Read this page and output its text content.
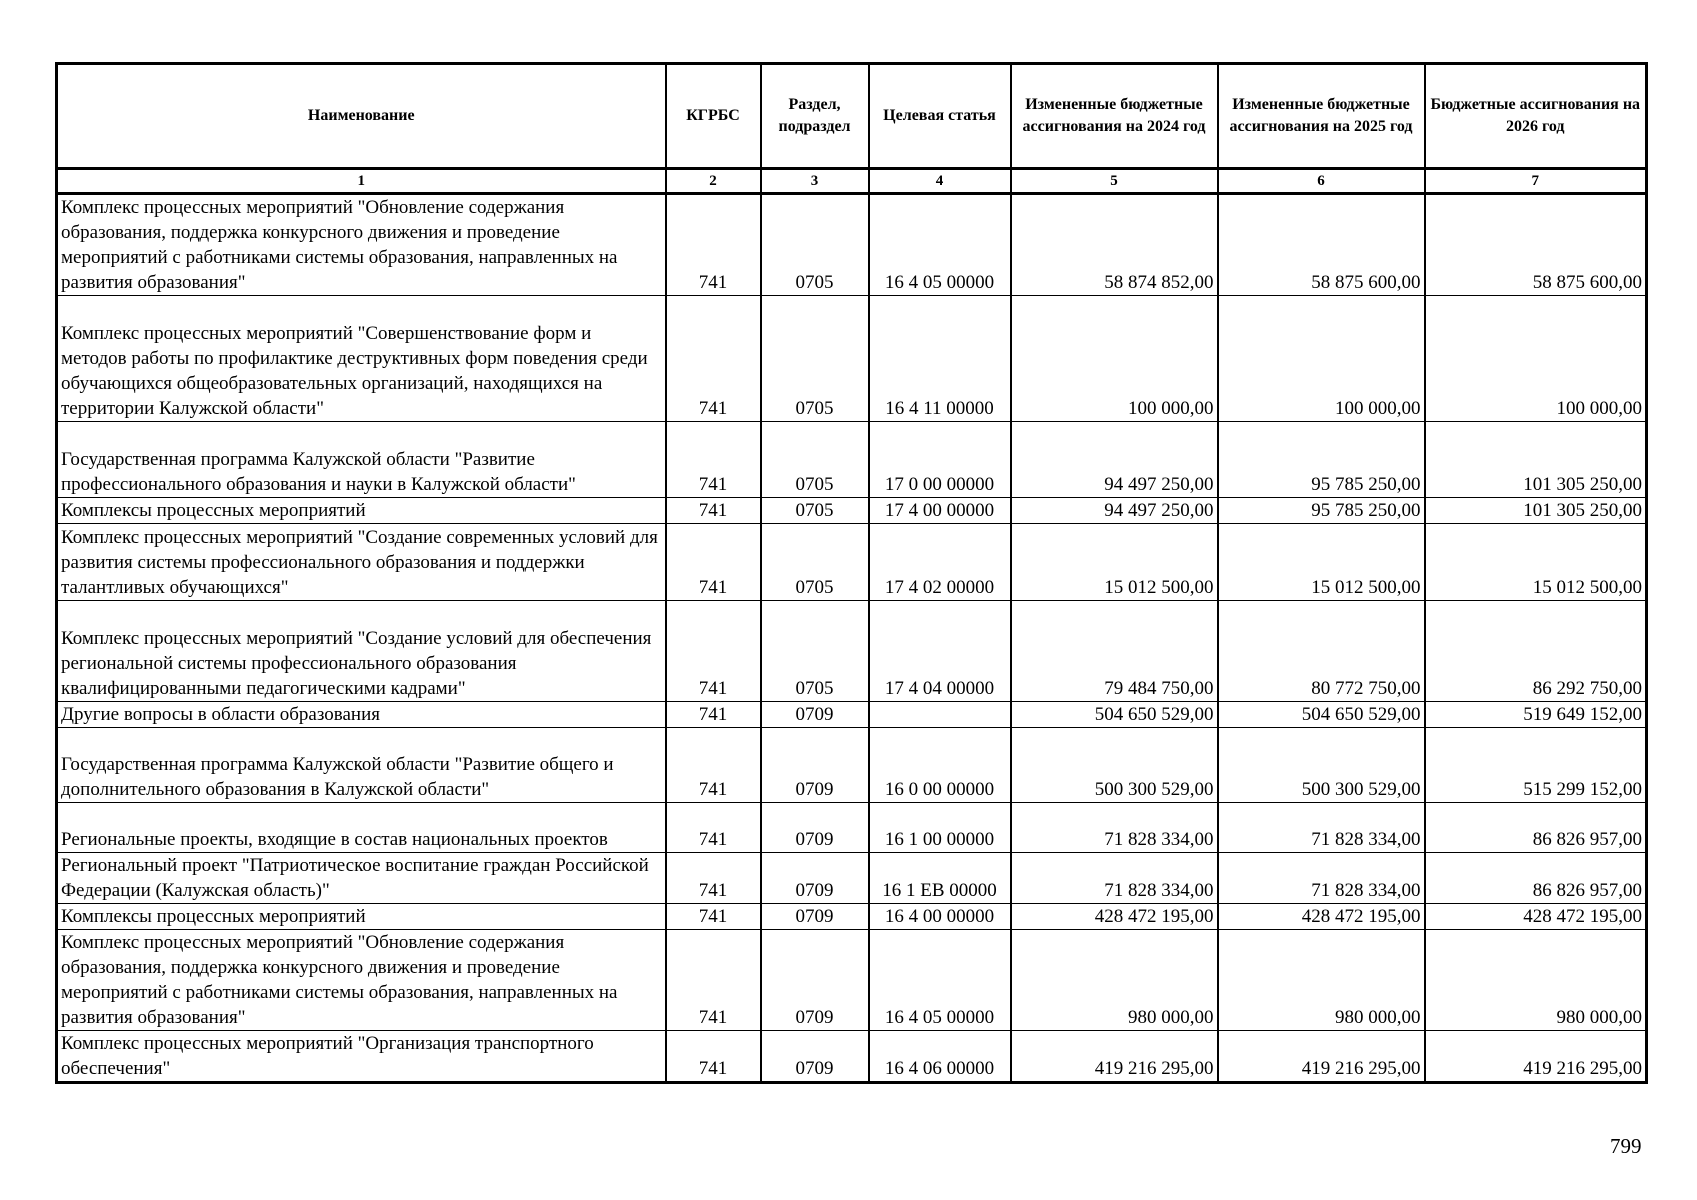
Наименование	КГРБС	Раздел, подраздел	Целевая статья	Измененные бюджетные ассигнования на 2024 год	Измененные бюджетные ассигнования на 2025 год	Бюджетные ассигнования на 2026 год
1	2	3	4	5	6	7
Комплекс процессных мероприятий "Обновление содержания образования, поддержка конкурсного движения и проведение мероприятий с работниками системы образования, направленных на развития образования"	741	0705	16 4 05 00000	58 874 852,00	58 875 600,00	58 875 600,00
Комплекс процессных мероприятий "Совершенствование форм и методов работы по профилактике деструктивных форм поведения среди обучающихся общеобразовательных организаций, находящихся на территории Калужской области"	741	0705	16 4 11 00000	100 000,00	100 000,00	100 000,00
Государственная программа Калужской области "Развитие профессионального образования и науки в Калужской области"	741	0705	17 0 00 00000	94 497 250,00	95 785 250,00	101 305 250,00
Комплексы процессных мероприятий	741	0705	17 4 00 00000	94 497 250,00	95 785 250,00	101 305 250,00
Комплекс процессных мероприятий "Создание современных условий для развития системы профессионального образования и поддержки талантливых обучающихся"	741	0705	17 4 02 00000	15 012 500,00	15 012 500,00	15 012 500,00
Комплекс процессных мероприятий "Создание условий для обеспечения региональной системы профессионального образования квалифицированными педагогическими кадрами"	741	0705	17 4 04 00000	79 484 750,00	80 772 750,00	86 292 750,00
Другие вопросы в области образования	741	0709		504 650 529,00	504 650 529,00	519 649 152,00
Государственная программа Калужской области "Развитие общего и дополнительного образования в Калужской области"	741	0709	16 0 00 00000	500 300 529,00	500 300 529,00	515 299 152,00
Региональные проекты, входящие в состав национальных проектов	741	0709	16 1 00 00000	71 828 334,00	71 828 334,00	86 826 957,00
Региональный проект "Патриотическое воспитание граждан Российской Федерации (Калужская область)"	741	0709	16 1 ЕВ 00000	71 828 334,00	71 828 334,00	86 826 957,00
Комплексы процессных мероприятий	741	0709	16 4 00 00000	428 472 195,00	428 472 195,00	428 472 195,00
Комплекс процессных мероприятий "Обновление содержания образования, поддержка конкурсного движения и проведение мероприятий с работниками системы образования, направленных на развития образования"	741	0709	16 4 05 00000	980 000,00	980 000,00	980 000,00
Комплекс процессных мероприятий "Организация транспортного обеспечения"	741	0709	16 4 06 00000	419 216 295,00	419 216 295,00	419 216 295,00
799
